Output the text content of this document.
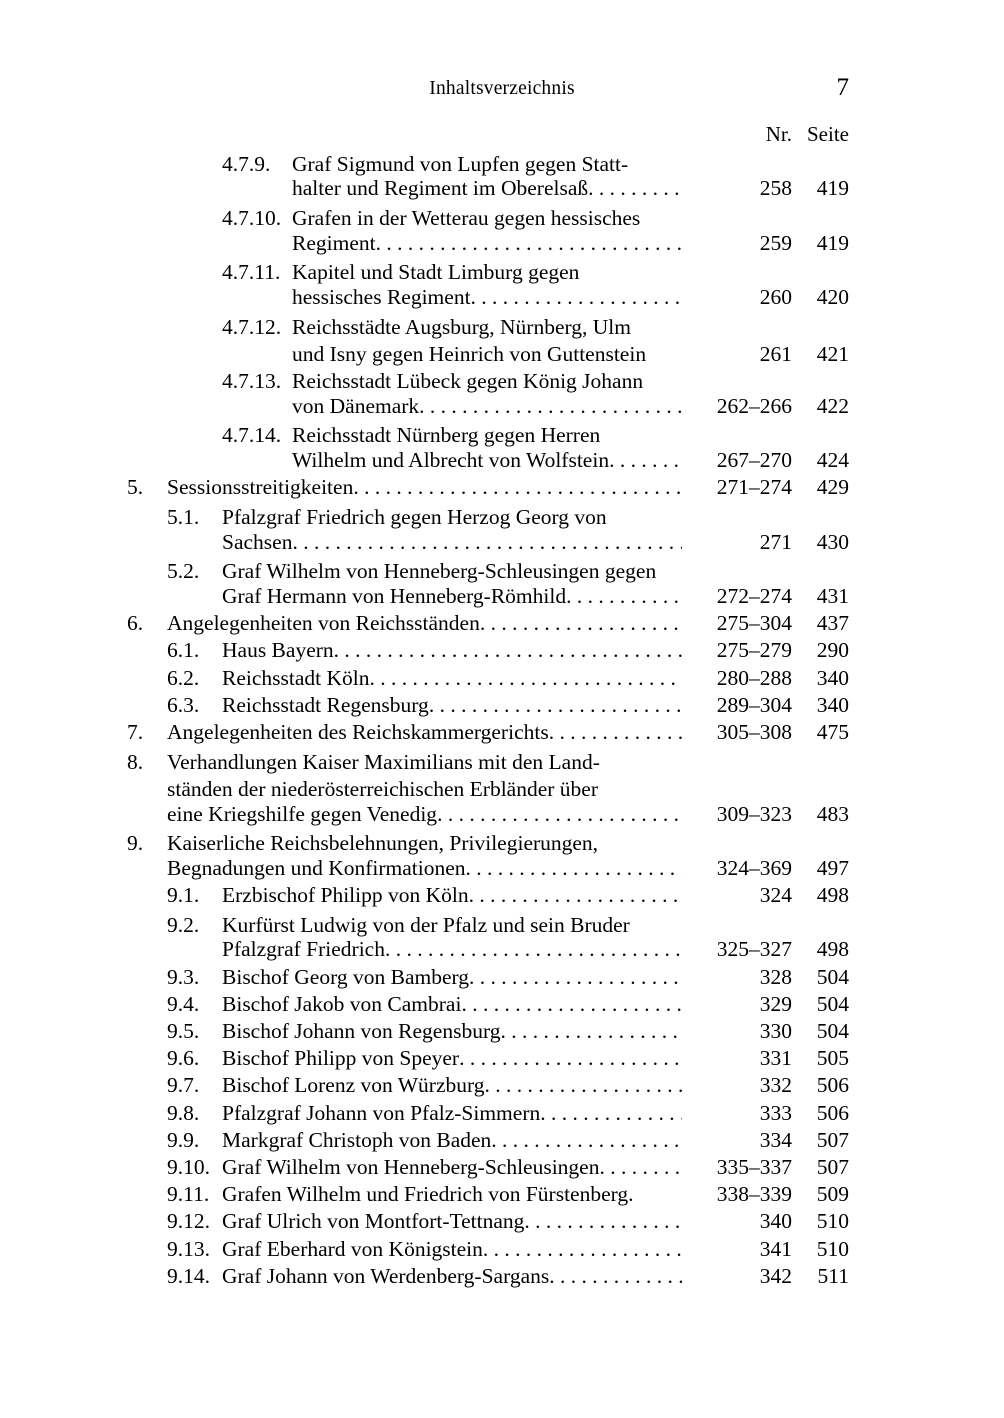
Inhaltsverzeichnis	7
Nr. Seite
4.7.9.	Graf Sigmund von Lupfen gegen Statt-
halter und Regiment im Oberelsaß . . .	258	419
4.7.10. Grafen in der Wetterau gegen hessisches
Regiment . . .	259	419
4.7.11. Kapitel und Stadt Limburg gegen
hessisches Regiment . . .	260	420
4.7.12. Reichsstädte Augsburg, Nürnberg, Ulm
und Isny gegen Heinrich von Guttenstein	261	421
4.7.13. Reichsstadt Lübeck gegen König Johann
von Dänemark . . .	262–266	422
4.7.14. Reichsstadt Nürnberg gegen Herren
Wilhelm und Albrecht von Wolfstein . . .	267–270	424
5.	Sessionsstreitigkeiten . . .	271–274	429
5.1.	Pfalzgraf Friedrich gegen Herzog Georg von
Sachsen . . .	271	430
5.2.	Graf Wilhelm von Henneberg-Schleusingen gegen
Graf Hermann von Henneberg-Römhild . . .	272–274	431
6.	Angelegenheiten von Reichsständen . . .	275–304	437
6.1.	Haus Bayern . . .	275–279	290
6.2.	Reichsstadt Köln . . .	280–288	340
6.3.	Reichsstadt Regensburg . . .	289–304	340
7.	Angelegenheiten des Reichskammergerichts . . .	305–308	475
8.	Verhandlungen Kaiser Maximilians mit den Land-
ständen der niederösterreichischen Erbländer über
eine Kriegshilfe gegen Venedig . . .	309–323	483
9.	Kaiserliche Reichsbelehnungen, Privilegierungen,
Begnadungen und Konfirmationen . . .	324–369	497
9.1.	Erzbischof Philipp von Köln . . .	324	498
9.2.	Kurfürst Ludwig von der Pfalz und sein Bruder
Pfalzgraf Friedrich . . .	325–327	498
9.3.	Bischof Georg von Bamberg . . .	328	504
9.4.	Bischof Jakob von Cambrai . . .	329	504
9.5.	Bischof Johann von Regensburg . . .	330	504
9.6.	Bischof Philipp von Speyer . . .	331	505
9.7.	Bischof Lorenz von Würzburg . . .	332	506
9.8.	Pfalzgraf Johann von Pfalz-Simmern . . .	333	506
9.9.	Markgraf Christoph von Baden . . .	334	507
9.10. Graf Wilhelm von Henneberg-Schleusingen . . .	335–337	507
9.11. Grafen Wilhelm und Friedrich von Fürstenberg .	338–339	509
9.12. Graf Ulrich von Montfort-Tettnang . . .	340	510
9.13. Graf Eberhard von Königstein . . .	341	510
9.14. Graf Johann von Werdenberg-Sargans . . .	342	511
